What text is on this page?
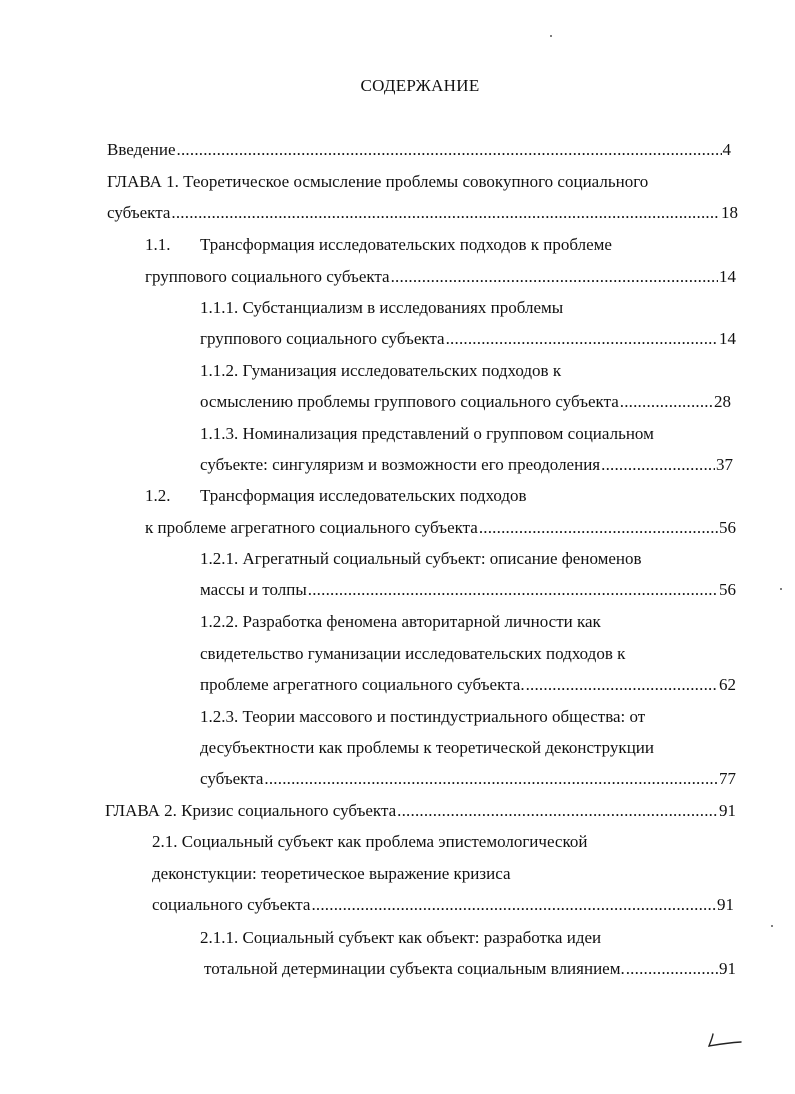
СОДЕРЖАНИЕ
Введение .....	4
ГЛАВА 1. Теоретическое осмысление проблемы совокупного социального
субъекта .....	18
1.1. Трансформация исследовательских подходов к проблеме
группового социального субъекта .....	14
1.1.1. Субстанциализм в исследованиях проблемы
группового социального субъекта .....	14
1.1.2. Гуманизация исследовательских подходов к
осмыслению проблемы группового социального субъекта .....	28
1.1.3. Номинализация представлений о групповом социальном
субъекте: сингуляризм и возможности его преодоления .....	37
1.2. Трансформация исследовательских подходов
к проблеме агрегатного социального субъекта .....	56
1.2.1. Агрегатный социальный субъект: описание феноменов
массы и толпы .....	56
1.2.2. Разработка феномена авторитарной личности как
свидетельство гуманизации исследовательских подходов к
проблеме агрегатного социального субъекта. .....	62
1.2.3. Теории массового и постиндустриального общества: от
десубъектности как проблемы к теоретической деконструкции
субъекта .....	77
ГЛАВА 2. Кризис социального субъекта .....	91
2.1. Социальный субъект как проблема эпистемологической
деконстукции: теоретическое выражение кризиса
социального субъекта .....	91
2.1.1. Социальный субъект как объект: разработка идеи
тотальной детерминации субъекта социальным влиянием. .....	91
